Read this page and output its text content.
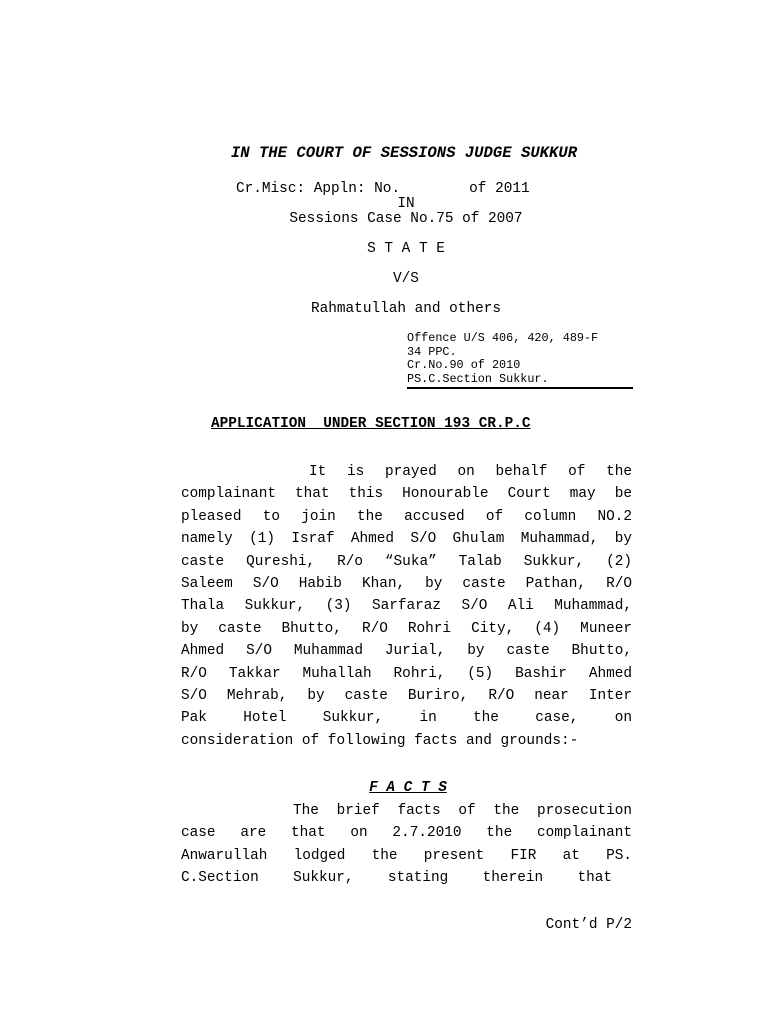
IN THE COURT OF SESSIONS JUDGE SUKKUR
Cr.Misc: Appln: No.        of 2011
IN
Sessions Case No.75 of 2007
S T A T E
V/S
Rahmatullah and others
Offence U/S 406, 420, 489-F
34 PPC.
Cr.No.90 of 2010
PS.C.Section Sukkur.
APPLICATION  UNDER SECTION 193 CR.P.C
It is prayed on behalf of the
complainant that this Honourable Court may be
pleased to join the accused of column NO.2
namely (1) Israf Ahmed S/O Ghulam Muhammad, by
caste Qureshi, R/o “Suka” Talab Sukkur, (2)
Saleem S/O Habib Khan, by caste Pathan, R/O
Thala Sukkur, (3) Sarfaraz S/O Ali Muhammad,
by caste Bhutto, R/O Rohri City, (4) Muneer
Ahmed S/O Muhammad Jurial, by caste Bhutto,
R/O Takkar Muhallah Rohri, (5) Bashir Ahmed
S/O Mehrab, by caste Buriro, R/O near Inter
Pak Hotel Sukkur, in the case, on
consideration of following facts and grounds:-
F A C T S
The brief facts of the prosecution
case are that on 2.7.2010 the complainant
Anwarullah lodged the present FIR at PS.
C.Section Sukkur, stating therein that
Cont’d P/2
